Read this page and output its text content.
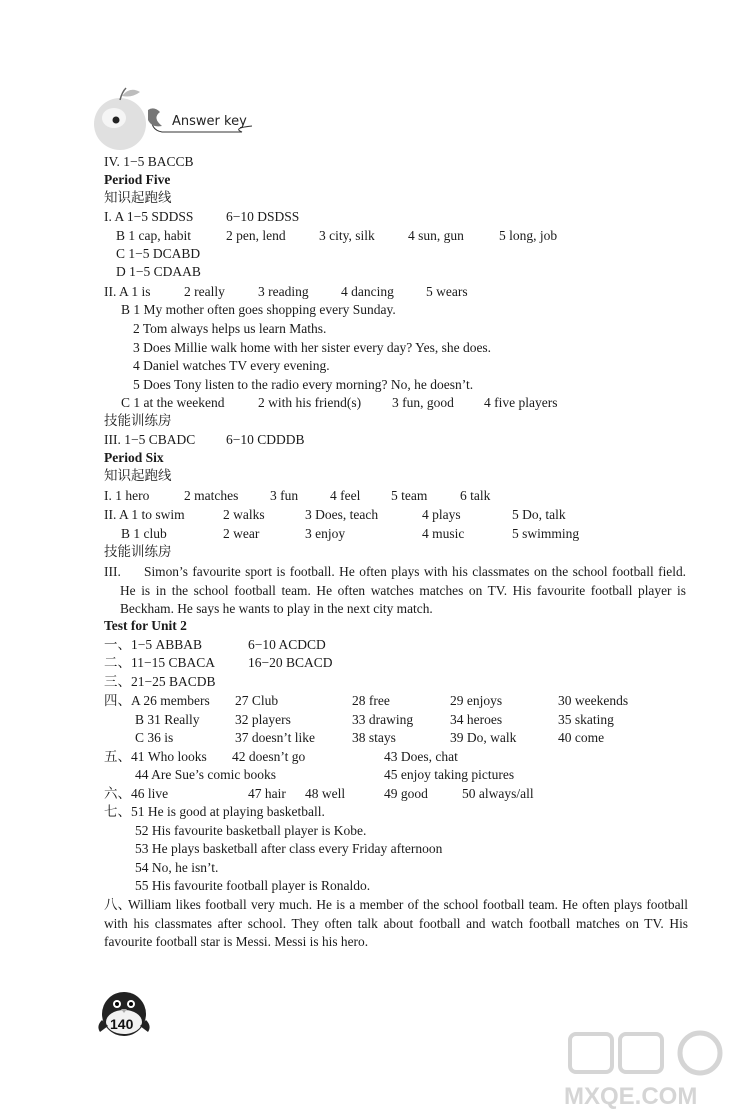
Answer key
IV. 1−5 BACCB
Period Five
知识起跑线
I. A 1−5 SDDSS 6−10 DSDSS
B 1 cap, habit	2 pen, lend 3 city, silk 4 sun, gun	5 long, job
C 1−5 DCABD
D 1−5 CDAAB
II. A 1 is 2 really 3 reading 4 dancing 5 wears
B 1 My mother often goes shopping every Sunday.
2 Tom always helps us learn Maths.
3 Does Millie walk home with her sister every day? Yes, she does.
4 Daniel watches TV every evening.
5 Does Tony listen to the radio every morning? No, he doesn’t.
C 1 at the weekend 2 with his friend(s) 3 fun, good 4 five players
技能训练房
III. 1−5 CBADC 6−10 CDDDB
Period Six
知识起跑线
I. 1 hero	2 matches 3 fun 4 feel 5 team 6 talk
II. A 1 to swim	2 walks	3 Does, teach	4 plays	5 Do, talk
B 1 club	2 wear	3 enjoy	4 music	5 swimming
技能训练房
III.	Simon’s favourite sport is football. He often plays with his classmates on the school football field. He is in the school football team. He often watches matches on TV. His favourite football player is Beckham. He says he wants to play in the next city match.
Test for Unit 2
一、1−5 ABBAB	6−10 ACDCD
二、11−15 CBACA 16−20 BCACD
三、21−25 BACDB
四、A 26 members 27 Club	28 free	29 enjoys	30 weekends
B 31 Really	32 players	33 drawing	34 heroes	35 skating
C 36 is	37 doesn’t like	38 stays	39 Do, walk	40 come
五、41 Who looks 42 doesn’t go	43 Does, chat
44 Are Sue’s comic books	45 enjoy taking pictures
六、46 live	47 hair 48 well	49 good	50 always/all
七、51 He is good at playing basketball.
52 His favourite basketball player is Kobe.
53 He plays basketball after class every Friday afternoon
54 No, he isn’t.
55 His favourite football player is Ronaldo.
八、
William likes football very much. He is a member of the school football team. He often plays football with his classmates after school. They often talk about football and watch football matches on TV. His favourite football star is Messi. Messi is his hero.
140
MXQE.COM
